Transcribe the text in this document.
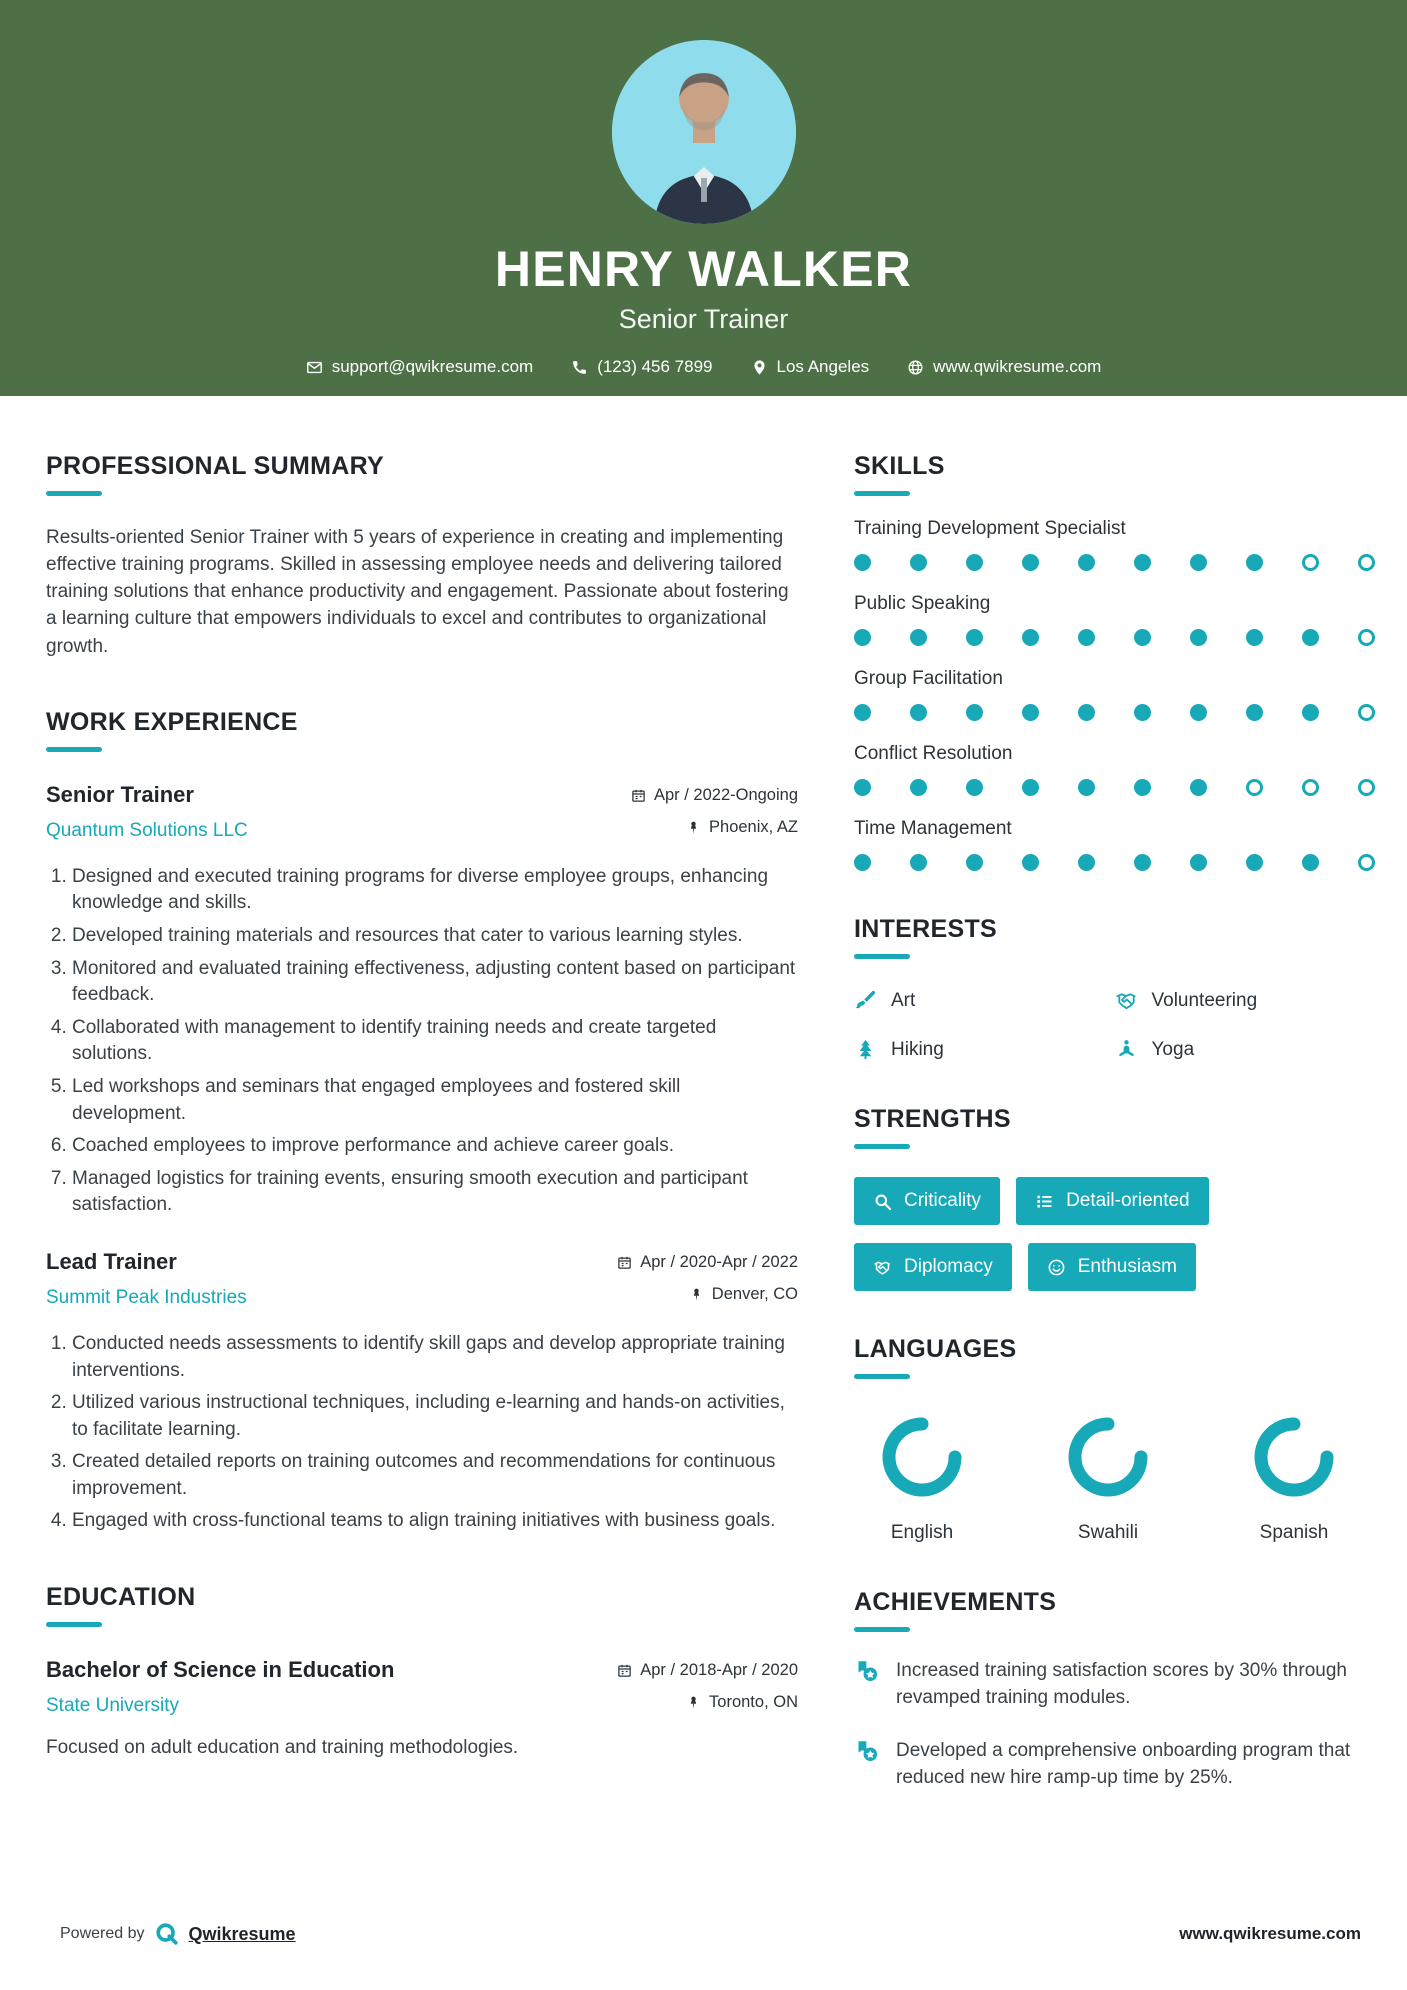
HENRY WALKER
Senior Trainer
support@qwikresume.com	(123) 456 7899	Los Angeles	www.qwikresume.com
PROFESSIONAL SUMMARY

Results-oriented Senior Trainer with 5 years of experience in creating and implementing effective training programs. Skilled in assessing employee needs and delivering tailored training solutions that enhance productivity and engagement. Passionate about fostering a learning culture that empowers individuals to excel and contributes to organizational growth.

WORK EXPERIENCE
Senior Trainer
Quantum Solutions LLC
Apr / 2022-Ongoing
Phoenix, AZ
1. Designed and executed training programs for diverse employee groups, enhancing knowledge and skills.
2. Developed training materials and resources that cater to various learning styles.
3. Monitored and evaluated training effectiveness, adjusting content based on participant feedback.
4. Collaborated with management to identify training needs and create targeted solutions.
5. Led workshops and seminars that engaged employees and fostered skill development.
6. Coached employees to improve performance and achieve career goals.
7. Managed logistics for training events, ensuring smooth execution and participant satisfaction.
Lead Trainer
Summit Peak Industries
Apr / 2020-Apr / 2022
Denver, CO
1. Conducted needs assessments to identify skill gaps and develop appropriate training interventions.
2. Utilized various instructional techniques, including e-learning and hands-on activities, to facilitate learning.
3. Created detailed reports on training outcomes and recommendations for continuous improvement.
4. Engaged with cross-functional teams to align training initiatives with business goals.
EDUCATION
Bachelor of Science in Education
State University
Apr / 2018-Apr / 2020
Toronto, ON

Focused on adult education and training methodologies.

SKILLS
Training Development Specialist
Public Speaking
Group Facilitation
Conflict Resolution
Time Management
INTERESTS
Art	Volunteering
Hiking	Yoga
STRENGTHS
Criticality	Detail-oriented
Diplomacy	Enthusiasm
LANGUAGES
English	Swahili	Spanish
ACHIEVEMENTS

Increased training satisfaction scores by 30% through revamped training modules.

Developed a comprehensive onboarding program that reduced new hire ramp-up time by 25%.

Powered by Qwikresume	www.qwikresume.com
